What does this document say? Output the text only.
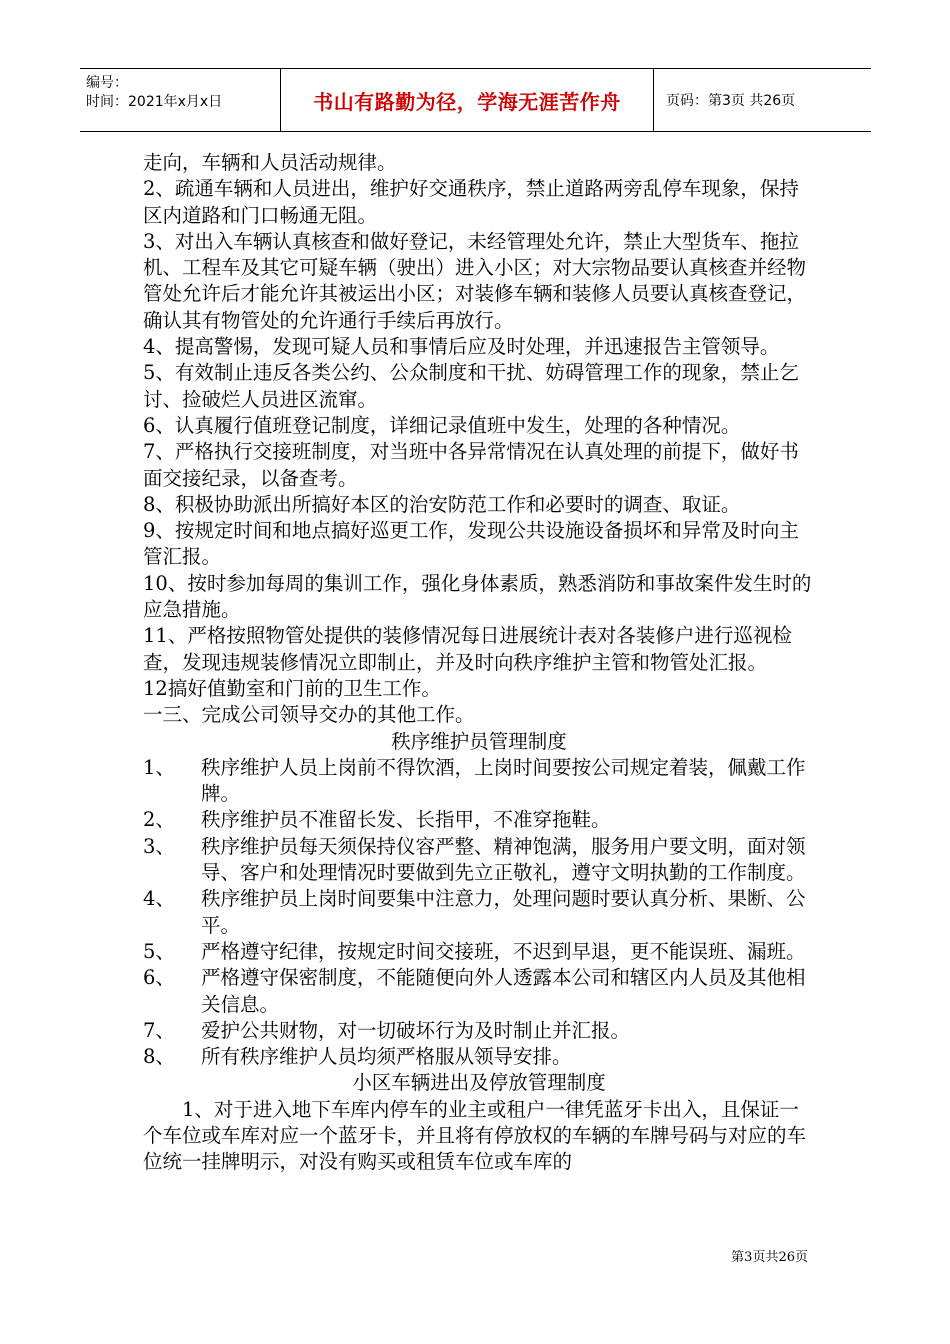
编号：
时间：2021年x月x日	书山有路勤为径，学海无涯苦作舟	页码：第3页 共26页

走向，车辆和人员活动规律。

2、疏通车辆和人员进出，维护好交通秩序，禁止道路两旁乱停车现象，保持区内道路和门口畅通无阻。

3、对出入车辆认真核查和做好登记，未经管理处允许，禁止大型货车、拖拉机、工程车及其它可疑车辆（驶出）进入小区；对大宗物品要认真核查并经物管处允许后才能允许其被运出小区；对装修车辆和装修人员要认真核查登记，确认其有物管处的允许通行手续后再放行。

4、提高警惕，发现可疑人员和事情后应及时处理，并迅速报告主管领导。

5、有效制止违反各类公约、公众制度和干扰、妨碍管理工作的现象，禁止乞讨、捡破烂人员进区流窜。

6、认真履行值班登记制度，详细记录值班中发生，处理的各种情况。

7、严格执行交接班制度，对当班中各异常情况在认真处理的前提下，做好书面交接纪录，以备查考。

8、积极协助派出所搞好本区的治安防范工作和必要时的调查、取证。

9、按规定时间和地点搞好巡更工作，发现公共设施设备损坏和异常及时向主管汇报。

10、按时参加每周的集训工作，强化身体素质，熟悉消防和事故案件发生时的应急措施。

11、严格按照物管处提供的装修情况每日进展统计表对各装修户进行巡视检查，发现违规装修情况立即制止，并及时向秩序维护主管和物管处汇报。

12搞好值勤室和门前的卫生工作。

一三、完成公司领导交办的其他工作。

秩序维护员管理制度

1、	秩序维护人员上岗前不得饮酒，上岗时间要按公司规定着装，佩戴工作牌。
2、	秩序维护员不准留长发、长指甲，不准穿拖鞋。
3、	秩序维护员每天须保持仪容严整、精神饱满，服务用户要文明，面对领导、客户和处理情况时要做到先立正敬礼，遵守文明执勤的工作制度。
4、	秩序维护员上岗时间要集中注意力，处理问题时要认真分析、果断、公平。
5、	严格遵守纪律，按规定时间交接班，不迟到早退，更不能误班、漏班。
6、	严格遵守保密制度，不能随便向外人透露本公司和辖区内人员及其他相关信息。
7、	爱护公共财物，对一切破坏行为及时制止并汇报。
8、	所有秩序维护人员均须严格服从领导安排。

小区车辆进出及停放管理制度

1、对于进入地下车库内停车的业主或租户一律凭蓝牙卡出入，且保证一个车位或车库对应一个蓝牙卡，并且将有停放权的车辆的车牌号码与对应的车位统一挂牌明示，对没有购买或租赁车位或车库的

第3页共26页
